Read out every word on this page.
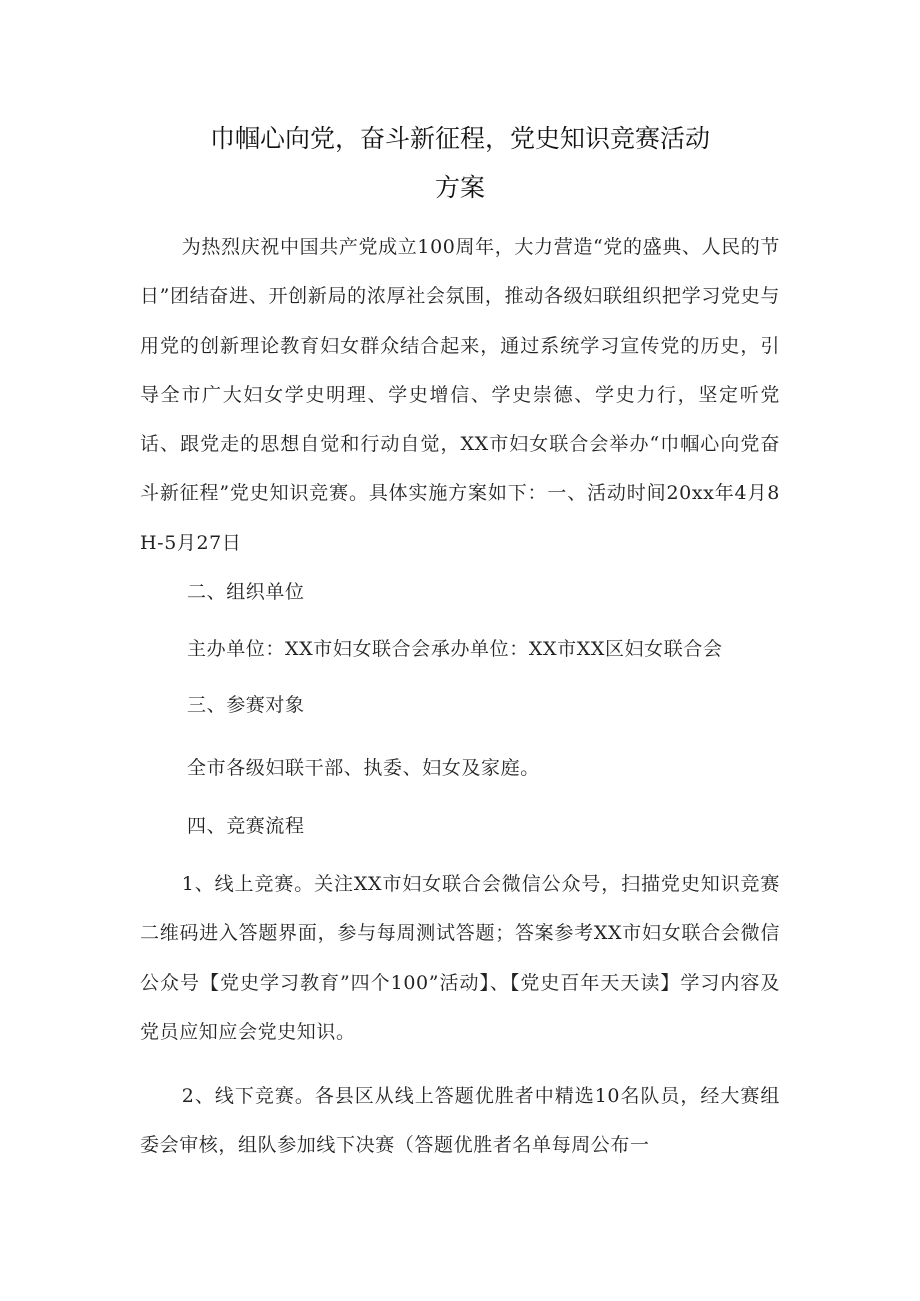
巾帼心向党，奋斗新征程，党史知识竞赛活动
方案

为热烈庆祝中国共产党成立100周年，大力营造“党的盛典、人民的节日”团结奋进、开创新局的浓厚社会氛围，推动各级妇联组织把学习党史与用党的创新理论教育妇女群众结合起来，通过系统学习宣传党的历史，引导全市广大妇女学史明理、学史增信、学史崇德、学史力行，坚定听党话、跟党走的思想自觉和行动自觉，XX市妇女联合会举办“巾帼心向党奋斗新征程”党史知识竞赛。具体实施方案如下：一、活动时间20xx年4月8H-5月27日

二、组织单位
主办单位：XX市妇女联合会承办单位：XX市XX区妇女联合会
三、参赛对象
全市各级妇联干部、执委、妇女及家庭。
四、竞赛流程

1、线上竞赛。关注XX市妇女联合会微信公众号，扫描党史知识竞赛二维码进入答题界面，参与每周测试答题；答案参考XX市妇女联合会微信公众号【党史学习教育”四个100”活动】、【党史百年天天读】学习内容及党员应知应会党史知识。

2、线下竞赛。各县区从线上答题优胜者中精选10名队员，经大赛组委会审核，组队参加线下决赛（答题优胜者名单每周公布一
